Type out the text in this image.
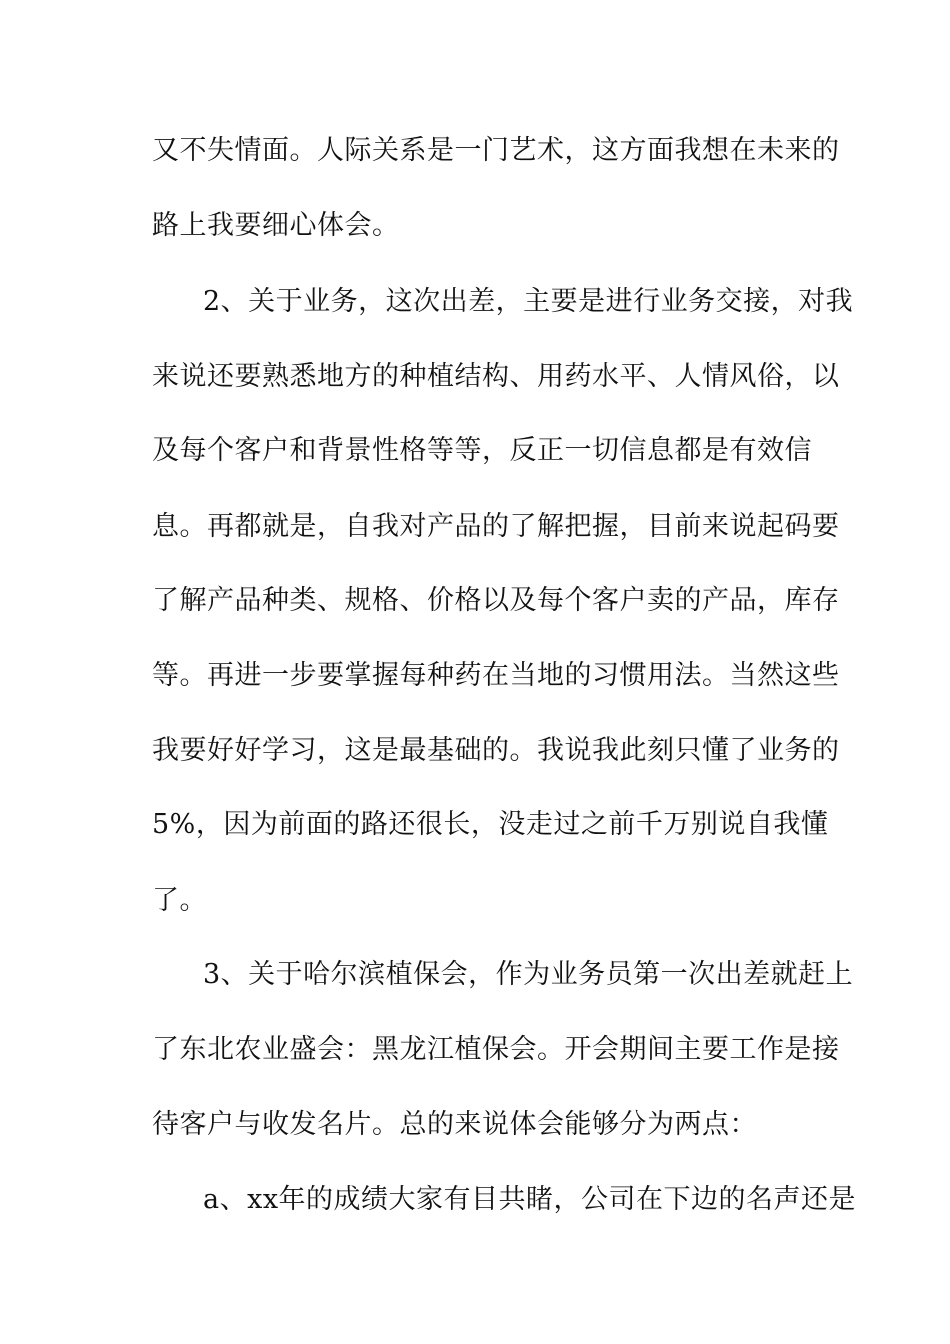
又不失情面。人际关系是一门艺术，这方面我想在未来的
路上我要细心体会。
2、关于业务，这次出差，主要是进行业务交接，对我
来说还要熟悉地方的种植结构、用药水平、人情风俗，以
及每个客户和背景性格等等，反正一切信息都是有效信
息。再都就是，自我对产品的了解把握，目前来说起码要
了解产品种类、规格、价格以及每个客户卖的产品，库存
等。再进一步要掌握每种药在当地的习惯用法。当然这些
我要好好学习，这是最基础的。我说我此刻只懂了业务的
5%，因为前面的路还很长，没走过之前千万别说自我懂
了。
3、关于哈尔滨植保会，作为业务员第一次出差就赶上
了东北农业盛会：黑龙江植保会。开会期间主要工作是接
待客户与收发名片。总的来说体会能够分为两点：
a、xx年的成绩大家有目共睹，公司在下边的名声还是
